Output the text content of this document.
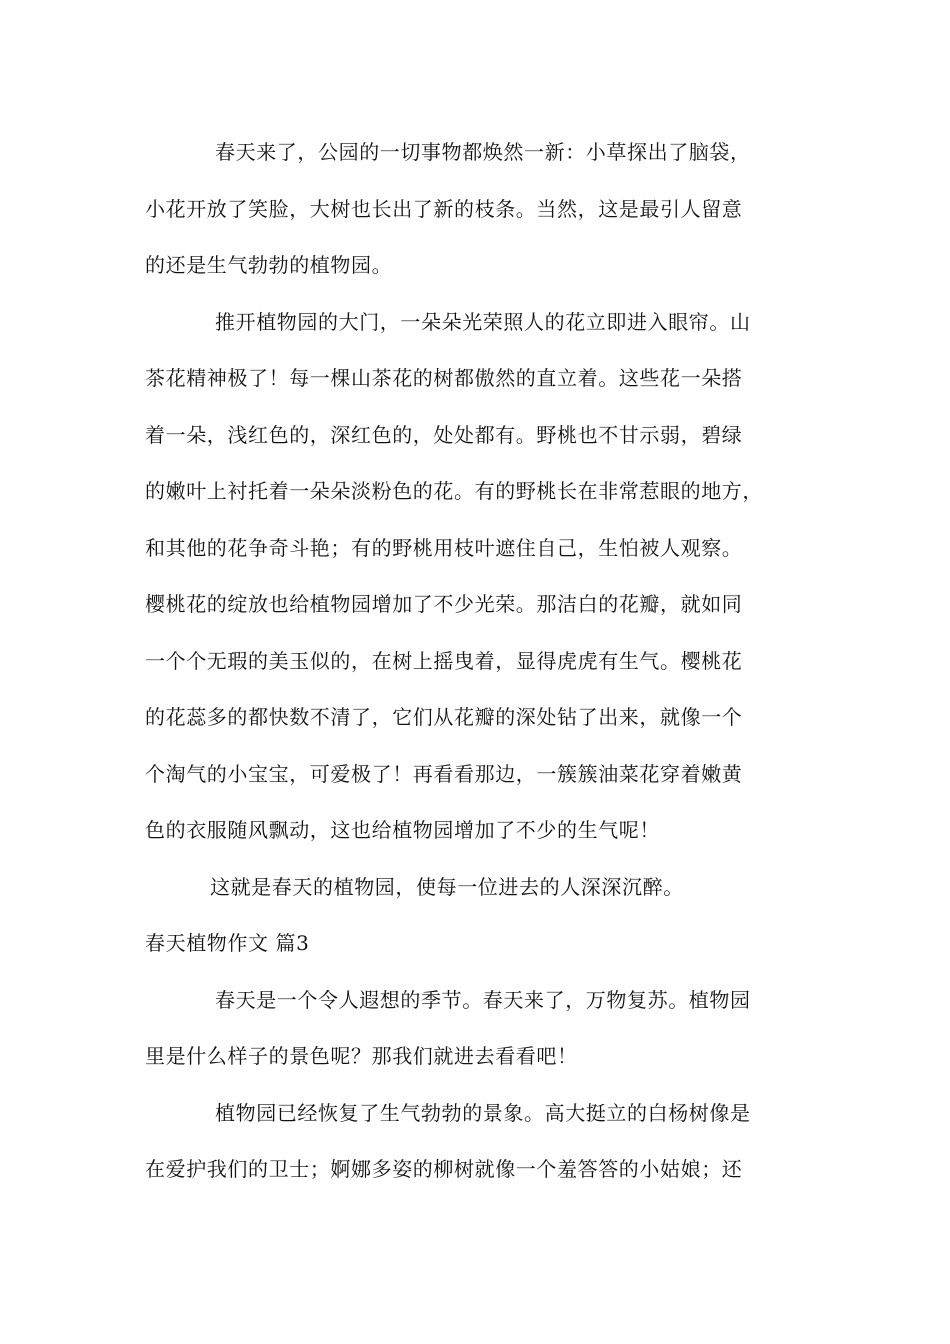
春天来了，公园的一切事物都焕然一新：小草探出了脑袋，
小花开放了笑脸，大树也长出了新的枝条。当然，这是最引人留意
的还是生气勃勃的植物园。
推开植物园的大门，一朵朵光荣照人的花立即进入眼帘。山
茶花精神极了！每一棵山茶花的树都傲然的直立着。这些花一朵搭
着一朵，浅红色的，深红色的，处处都有。野桃也不甘示弱，碧绿
的嫩叶上衬托着一朵朵淡粉色的花。有的野桃长在非常惹眼的地方，
和其他的花争奇斗艳；有的野桃用枝叶遮住自己，生怕被人观察。
樱桃花的绽放也给植物园增加了不少光荣。那洁白的花瓣，就如同
一个个无瑕的美玉似的，在树上摇曳着，显得虎虎有生气。樱桃花
的花蕊多的都快数不清了，它们从花瓣的深处钻了出来，就像一个
个淘气的小宝宝，可爱极了！再看看那边，一簇簇油菜花穿着嫩黄
色的衣服随风飘动，这也给植物园增加了不少的生气呢！
这就是春天的植物园，使每一位进去的人深深沉醉。
春天植物作文 篇3
春天是一个令人遐想的季节。春天来了，万物复苏。植物园
里是什么样子的景色呢？那我们就进去看看吧！
植物园已经恢复了生气勃勃的景象。高大挺立的白杨树像是
在爱护我们的卫士；婀娜多姿的柳树就像一个羞答答的小姑娘；还
